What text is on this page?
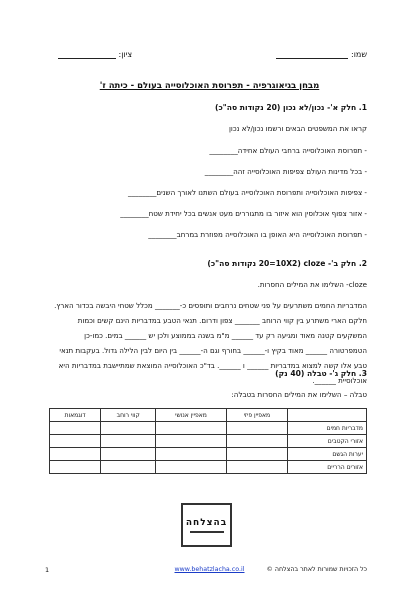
שמו:
ציון:
מבחן בגיאוגרפיה - תפרוסת האוכלוסייה בעולם - כיתה ז'
1. חלק א'- נכון/לא נכון (20 נקודות סה"כ)
קראו את המשפטים הבאים ורשמו נכון/לא נכון
- תפרוסת האוכלוסייה ברחבי העולם אחידה________
- בכל מדינות העולם צפיפות האוכלוסייה זהה________
- צפיפות האוכלוסייה ותפרוסת האוכלוסייה בעולם השתנו לאורך השנים________
- אזור צפוף אוכלוסין הוא איזור בו מתגוררים מעט אנשים בכל יחידת שטח________
- תפרוסת האוכלוסייה היא האופן בו האוכלוסייה מפוזרת במרחב________
2. חלק ב'- cloze (20=10X2 נקודות סה"כ)
cloze- השלימו את המילים החסרות.
המדבריות החמים משתרעים על פני שטחים נרחבים ותופסים כ-_______ מכלל שטחי היבשה בכדור הארץ. חלקם הארי משתרע בין קווי הרוחב _______ צפון ודרום. תנאי הטבע במדבריות הינם קשים וכמות המשקעים קטנה מאוד ומגיעה רק עד ______ מ"מ בשנה בממוצע ולכן יש ______ במים. כמו-כן הטמפרטורה ______ מאוד בקיץ ו-______ בחורף וגם ה-______ בין היום לבין הלילה גדול. בעקבות תנאי טבע אלו קשה למצוא במדבריות ______ ו ______. בד"כ האוכלוסייה המוצאת שמתיישבת במדבריות היא אוכלוסיית ______.
3. חלק ג'- טבלה (40 נק)
טבלה – השלימו את המילים החסרות בטבלה:
	מאפיין פיזי	מאפיין אנושי	קווי רוחב	דוגמאות
מדבריות חמים				
אזורי הקטבים				
יערות הגשם				
אזורים הרריים				
בהצלחה
כל הזכויות שמורות לאתר בהצלחה ©
www.behatzlacha.co.il
1
